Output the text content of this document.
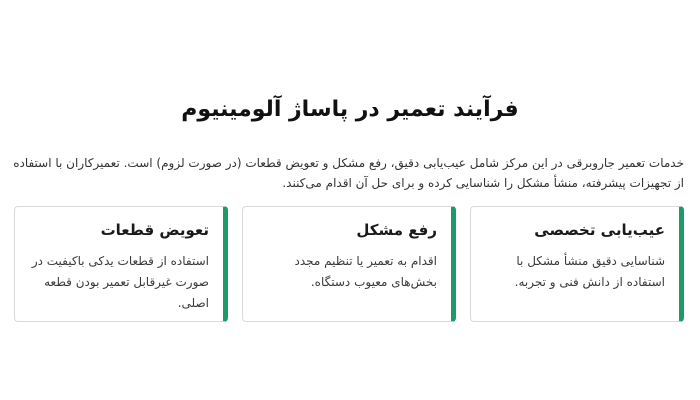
فرآیند تعمیر در پاساژ آلومینیوم

خدمات تعمیر جاروبرقی در این مرکز شامل عیب‌یابی دقیق، رفع مشکل و تعویض قطعات (در صورت لزوم) است. تعمیرکاران با استفاده از تجهیزات پیشرفته، منشأ مشکل را شناسایی کرده و برای حل آن اقدام می‌کنند.

عیب‌یابی تخصصی

شناسایی دقیق منشأ مشکل با استفاده از دانش فنی و تجربه.

رفع مشکل

اقدام به تعمیر یا تنظیم مجدد بخش‌های معیوب دستگاه.

تعویض قطعات

استفاده از قطعات یدکی باکیفیت در صورت غیرقابل تعمیر بودن قطعه اصلی.
